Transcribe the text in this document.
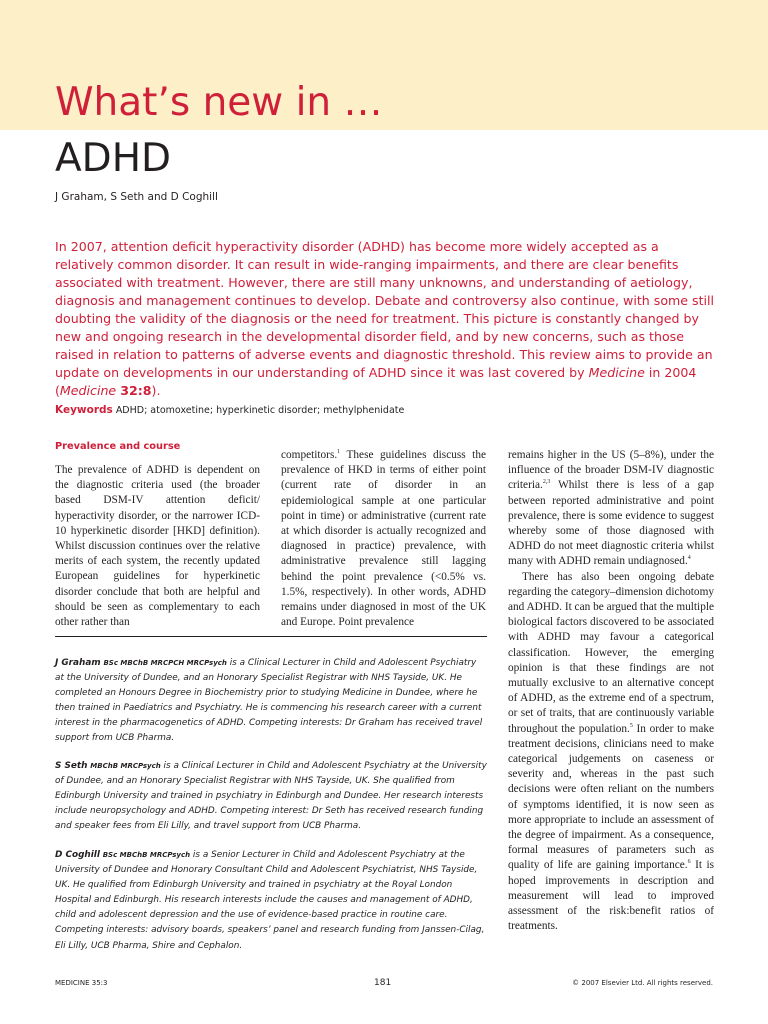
What’s new in …
ADHD
J Graham, S Seth and D Coghill
In 2007, attention deficit hyperactivity disorder (ADHD) has become more widely accepted as a relatively common disorder. It can result in wide-ranging impairments, and there are clear benefits associated with treatment. However, there are still many unknowns, and understanding of aetiology, diagnosis and management continues to develop. Debate and controversy also continue, with some still doubting the validity of the diagnosis or the need for treatment. This picture is constantly changed by new and ongoing research in the developmental disorder field, and by new concerns, such as those raised in relation to patterns of adverse events and diagnostic threshold. This review aims to provide an update on developments in our understanding of ADHD since it was last covered by Medicine in 2004 (Medicine 32:8).
Keywords ADHD; atomoxetine; hyperkinetic disorder; methylphenidate
Prevalence and course

The prevalence of ADHD is dependent on the diagnostic criteria used (the broader based DSM-IV attention deficit/ hyperactivity disorder, or the narrower ICD-10 hyperkinetic disorder [HKD] definition). Whilst discussion continues over the relative merits of each system, the recently updated European guidelines for hyperkinetic disorder conclude that both are helpful and should be seen as complementary to each other rather than

competitors.$^1$ These guidelines discuss the prevalence of HKD in terms of either point (current rate of disorder in an epidemiological sample at one particular point in time) or administrative (current rate at which disorder is actually recognized and diagnosed in practice) prevalence, with administrative prevalence still lagging behind the point prevalence (<0.5% vs. 1.5%, respectively). In other words, ADHD remains under diagnosed in most of the UK and Europe. Point prevalence

remains higher in the US (5–8%), under the influence of the broader DSM-IV diagnostic criteria.$^{2,3}$ Whilst there is less of a gap between reported administrative and point prevalence, there is some evidence to suggest whereby some of those diagnosed with ADHD do not meet diagnostic criteria whilst many with ADHD remain undiagnosed.$^4$

There has also been ongoing debate regarding the category–dimension dichotomy and ADHD. It can be argued that the multiple biological factors discovered to be associated with ADHD may favour a categorical classification. However, the emerging opinion is that these findings are not mutually exclusive to an alternative concept of ADHD, as the extreme end of a spectrum, or set of traits, that are continuously variable throughout the population.$^5$ In order to make treatment decisions, clinicians need to make categorical judgements on caseness or severity and, whereas in the past such decisions were often reliant on the numbers of symptoms identified, it is now seen as more appropriate to include an assessment of the degree of impairment. As a consequence, formal measures of parameters such as quality of life are gaining importance.$^6$ It is hoped improvements in description and measurement will lead to improved assessment of the risk:benefit ratios of treatments.

J Graham BSc MBChB MRCPCH MRCPsych is a Clinical Lecturer in Child and Adolescent Psychiatry at the University of Dundee, and an Honorary Specialist Registrar with NHS Tayside, UK. He completed an Honours Degree in Biochemistry prior to studying Medicine in Dundee, where he then trained in Paediatrics and Psychiatry. He is commencing his research career with a current interest in the pharmacogenetics of ADHD. Competing interests: Dr Graham has received travel support from UCB Pharma.
S Seth MBChB MRCPsych is a Clinical Lecturer in Child and Adolescent Psychiatry at the University of Dundee, and an Honorary Specialist Registrar with NHS Tayside, UK. She qualified from Edinburgh University and trained in psychiatry in Edinburgh and Dundee. Her research interests include neuropsychology and ADHD. Competing interest: Dr Seth has received research funding and speaker fees from Eli Lilly, and travel support from UCB Pharma.
D Coghill BSc MBChB MRCPsych is a Senior Lecturer in Child and Adolescent Psychiatry at the University of Dundee and Honorary Consultant Child and Adolescent Psychiatrist, NHS Tayside, UK. He qualified from Edinburgh University and trained in psychiatry at the Royal London Hospital and Edinburgh. His research interests include the causes and management of ADHD, child and adolescent depression and the use of evidence-based practice in routine care. Competing interests: advisory boards, speakers’ panel and research funding from Janssen-Cilag, Eli Lilly, UCB Pharma, Shire and Cephalon.
MEDICINE 35:3	181	© 2007 Elsevier Ltd. All rights reserved.
